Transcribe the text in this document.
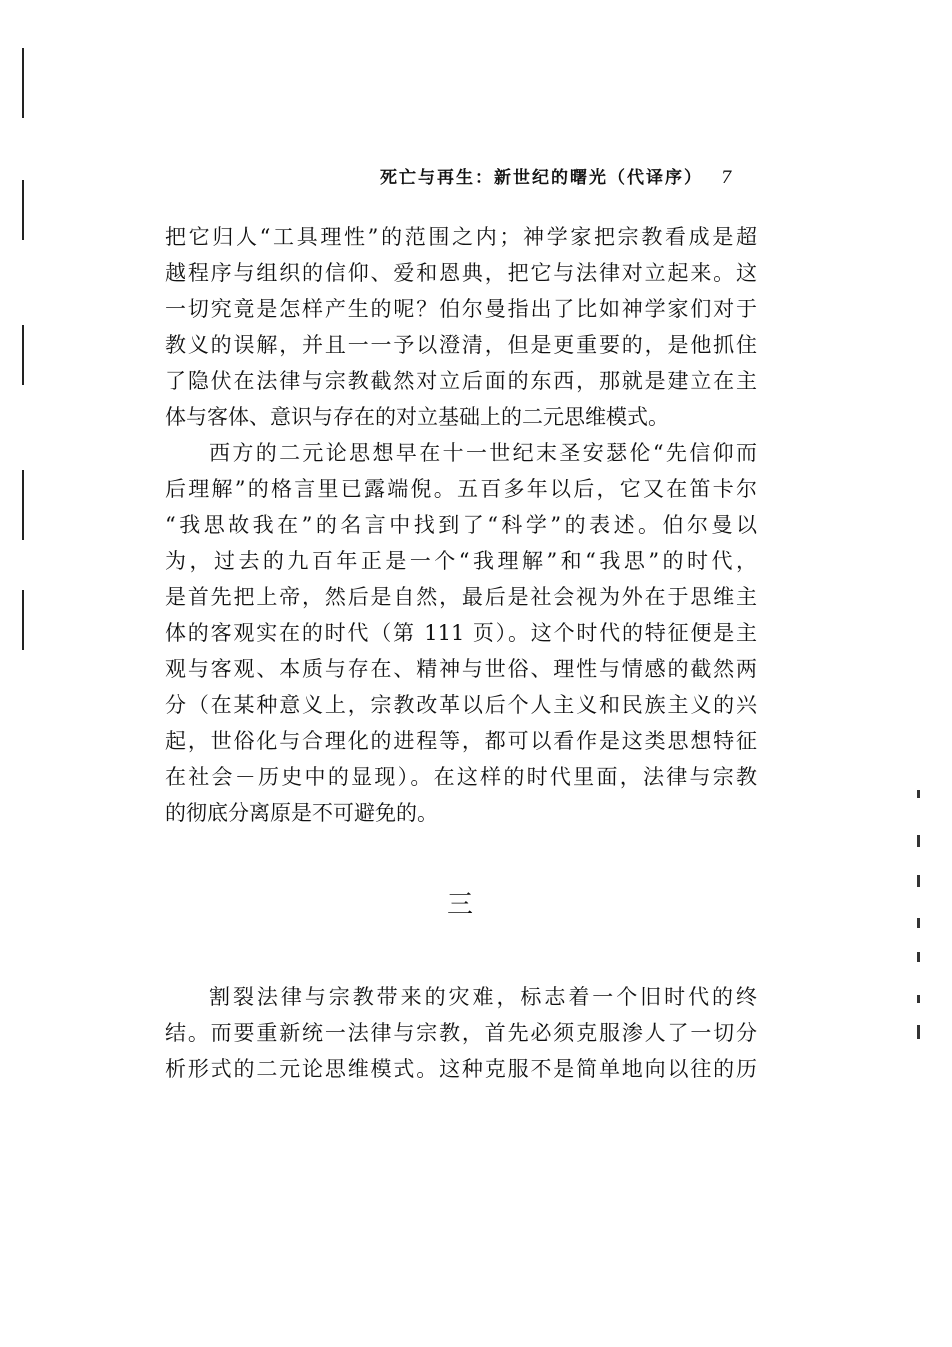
死亡与再生：新世纪的曙光（代译序） 7
把它归人“工具理性”的范围之内；神学家把宗教看成是超
越程序与组织的信仰、爱和恩典，把它与法律对立起来。这
一切究竟是怎样产生的呢？伯尔曼指出了比如神学家们对于
教义的误解，并且一一予以澄清，但是更重要的，是他抓住
了隐伏在法律与宗教截然对立后面的东西，那就是建立在主
体与客体、意识与存在的对立基础上的二元思维模式。
西方的二元论思想早在十一世纪末圣安瑟伦“先信仰而
后理解”的格言里已露端倪。五百多年以后，它又在笛卡尔
“我思故我在”的名言中找到了“科学”的表述。伯尔曼以
为，过去的九百年正是一个“我理解”和“我思”的时代，
是首先把上帝，然后是自然，最后是社会视为外在于思维主
体的客观实在的时代（第 111 页）。这个时代的特征便是主
观与客观、本质与存在、精神与世俗、理性与情感的截然两
分（在某种意义上，宗教改革以后个人主义和民族主义的兴
起，世俗化与合理化的进程等，都可以看作是这类思想特征
在社会－历史中的显现）。在这样的时代里面，法律与宗教
的彻底分离原是不可避免的。
三
割裂法律与宗教带来的灾难，标志着一个旧时代的终
结。而要重新统一法律与宗教，首先必须克服渗人了一切分
析形式的二元论思维模式。这种克服不是简单地向以往的历
